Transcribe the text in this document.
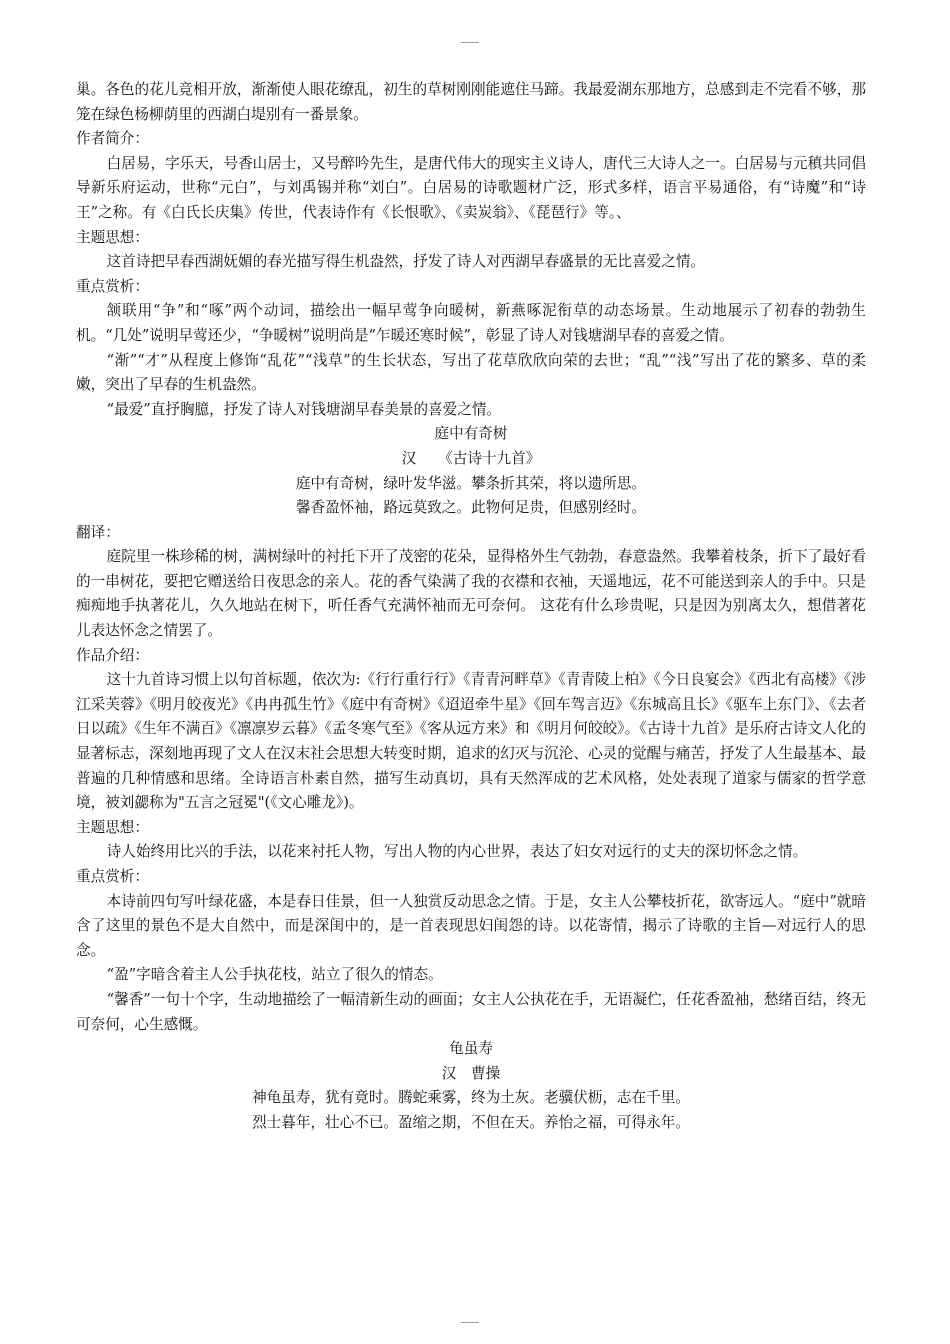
巢。各色的花儿竞相开放，渐渐使人眼花缭乱，初生的草树刚刚能遮住马蹄。我最爱湖东那地方，总感到走不完看不够，那笼在绿色杨柳荫里的西湖白堤别有一番景象。

作者简介：

白居易，字乐天，号香山居士，又号醉吟先生，是唐代伟大的现实主义诗人，唐代三大诗人之一。白居易与元稹共同倡导新乐府运动，世称“元白”，与刘禹锡并称“刘白”。白居易的诗歌题材广泛，形式多样，语言平易通俗，有“诗魔”和“诗王”之称。有《白氏长庆集》传世，代表诗作有《长恨歌》、《卖炭翁》、《琵琶行》等。、

主题思想：

这首诗把早春西湖妩媚的春光描写得生机盎然，抒发了诗人对西湖早春盛景的无比喜爱之情。

重点赏析：

颔联用“争”和“啄”两个动词，描绘出一幅早莺争向暖树，新燕啄泥衔草的动态场景。生动地展示了初春的勃勃生机。“几处”说明早莺还少，“争暖树”说明尚是“乍暖还寒时候”，彰显了诗人对钱塘湖早春的喜爱之情。

“渐”“才”从程度上修饰“乱花”“浅草”的生长状态，写出了花草欣欣向荣的去世；“乱”“浅”写出了花的繁多、草的柔嫩，突出了早春的生机盎然。

“最爱”直抒胸臆，抒发了诗人对钱塘湖早春美景的喜爱之情。

庭中有奇树

汉　　《古诗十九首》

庭中有奇树，绿叶发华滋。攀条折其荣，将以遗所思。

馨香盈怀袖，路远莫致之。此物何足贵，但感别经时。

翻译：

庭院里一株珍稀的树，满树绿叶的衬托下开了茂密的花朵，显得格外生气勃勃，春意盎然。我攀着枝条，折下了最好看的一串树花，要把它赠送给日夜思念的亲人。花的香气染满了我的衣襟和衣袖，天遥地远，花不可能送到亲人的手中。只是痴痴地手执著花儿，久久地站在树下，听任香气充满怀袖而无可奈何。 这花有什么珍贵呢，只是因为别离太久，想借著花儿表达怀念之情罢了。

作品介绍：

这十九首诗习惯上以句首标题，依次为:《行行重行行》《青青河畔草》《青青陵上柏》《今日良宴会》《西北有高楼》《涉江采芙蓉》《明月皎夜光》《冉冉孤生竹》《庭中有奇树》《迢迢牵牛星》《回车驾言迈》《东城高且长》《驱车上东门》、《去者日以疏》《生年不满百》《凛凛岁云暮》《孟冬寒气至》《客从远方来》和《明月何皎皎》。《古诗十九首》是乐府古诗文人化的显著标志，深刻地再现了文人在汉末社会思想大转变时期，追求的幻灭与沉沦、心灵的觉醒与痛苦，抒发了人生最基本、最普遍的几种情感和思绪。全诗语言朴素自然，描写生动真切，具有天然浑成的艺术风格，处处表现了道家与儒家的哲学意境，被刘勰称为"五言之冠冕"(《文心雕龙》)。

主题思想：

诗人始终用比兴的手法，以花来衬托人物，写出人物的内心世界，表达了妇女对远行的丈夫的深切怀念之情。

重点赏析：

本诗前四句写叶绿花盛，本是春日佳景，但一人独赏反动思念之情。于是，女主人公攀枝折花，欲寄远人。“庭中”就暗含了这里的景色不是大自然中，而是深闺中的，是一首表现思妇闺怨的诗。以花寄情，揭示了诗歌的主旨—对远行人的思念。

“盈”字暗含着主人公手执花枝，站立了很久的情态。

“馨香”一句十个字，生动地描绘了一幅清新生动的画面；女主人公执花在手，无语凝伫，任花香盈袖，愁绪百结，终无可奈何，心生感慨。

龟虽寿

汉　曹操

神龟虽寿，犹有竟时。腾蛇乘雾，终为土灰。老骥伏枥，志在千里。

烈士暮年，壮心不已。盈缩之期，不但在天。养怡之福，可得永年。
